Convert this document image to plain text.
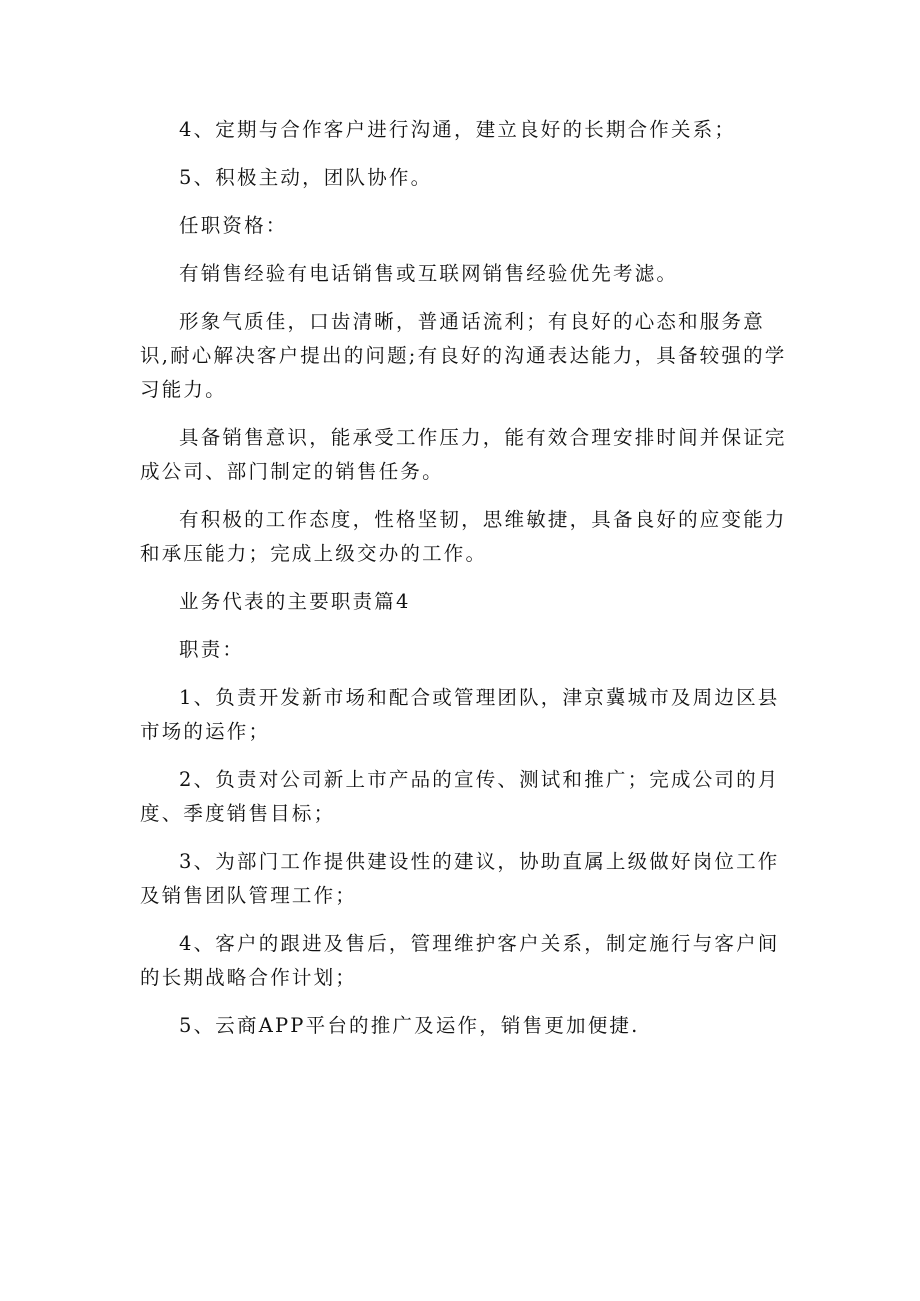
4、定期与合作客户进行沟通，建立良好的长期合作关系；

5、积极主动，团队协作。

任职资格：

有销售经验有电话销售或互联网销售经验优先考滤。

形象气质佳，口齿清晰，普通话流利；有良好的心态和服务意识,耐心解决客户提出的问题;有良好的沟通表达能力，具备较强的学习能力。

具备销售意识，能承受工作压力，能有效合理安排时间并保证完成公司、部门制定的销售任务。

有积极的工作态度，性格坚韧，思维敏捷，具备良好的应变能力和承压能力；完成上级交办的工作。

业务代表的主要职责篇4

职责：

1、负责开发新市场和配合或管理团队，津京冀城市及周边区县市场的运作；

2、负责对公司新上市产品的宣传、测试和推广；完成公司的月度、季度销售目标；

3、为部门工作提供建设性的建议，协助直属上级做好岗位工作及销售团队管理工作；

4、客户的跟进及售后，管理维护客户关系，制定施行与客户间的长期战略合作计划；

5、云商APP平台的推广及运作，销售更加便捷.
